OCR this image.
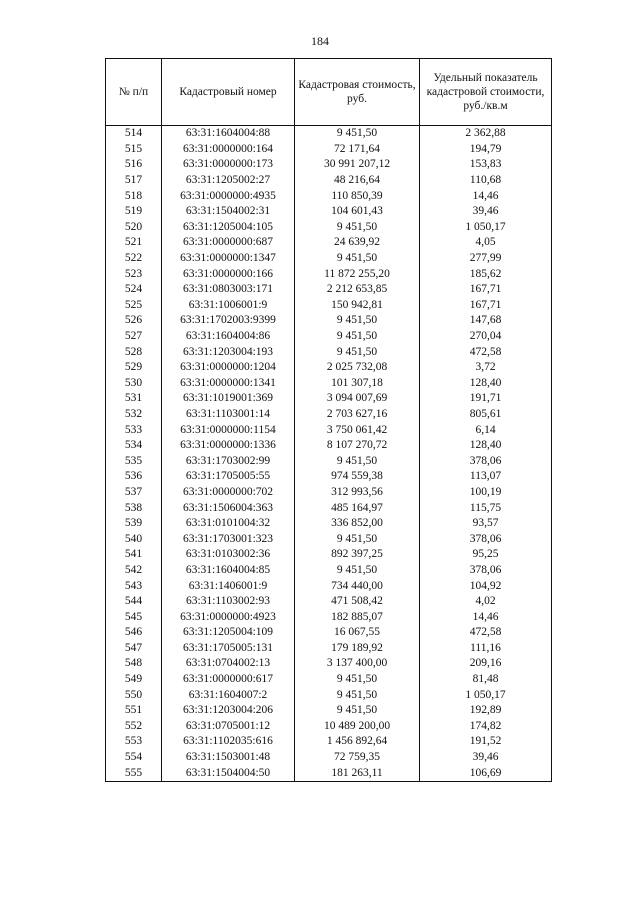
184
№ п/п	Кадастровый номер	Кадастровая стоимость, руб.	Удельный показатель кадастровой стоимости, руб./кв.м
514	63:31:1604004:88	9 451,50	2 362,88
515	63:31:0000000:164	72 171,64	194,79
516	63:31:0000000:173	30 991 207,12	153,83
517	63:31:1205002:27	48 216,64	110,68
518	63:31:0000000:4935	110 850,39	14,46
519	63:31:1504002:31	104 601,43	39,46
520	63:31:1205004:105	9 451,50	1 050,17
521	63:31:0000000:687	24 639,92	4,05
522	63:31:0000000:1347	9 451,50	277,99
523	63:31:0000000:166	11 872 255,20	185,62
524	63:31:0803003:171	2 212 653,85	167,71
525	63:31:1006001:9	150 942,81	167,71
526	63:31:1702003:9399	9 451,50	147,68
527	63:31:1604004:86	9 451,50	270,04
528	63:31:1203004:193	9 451,50	472,58
529	63:31:0000000:1204	2 025 732,08	3,72
530	63:31:0000000:1341	101 307,18	128,40
531	63:31:1019001:369	3 094 007,69	191,71
532	63:31:1103001:14	2 703 627,16	805,61
533	63:31:0000000:1154	3 750 061,42	6,14
534	63:31:0000000:1336	8 107 270,72	128,40
535	63:31:1703002:99	9 451,50	378,06
536	63:31:1705005:55	974 559,38	113,07
537	63:31:0000000:702	312 993,56	100,19
538	63:31:1506004:363	485 164,97	115,75
539	63:31:0101004:32	336 852,00	93,57
540	63:31:1703001:323	9 451,50	378,06
541	63:31:0103002:36	892 397,25	95,25
542	63:31:1604004:85	9 451,50	378,06
543	63:31:1406001:9	734 440,00	104,92
544	63:31:1103002:93	471 508,42	4,02
545	63:31:0000000:4923	182 885,07	14,46
546	63:31:1205004:109	16 067,55	472,58
547	63:31:1705005:131	179 189,92	111,16
548	63:31:0704002:13	3 137 400,00	209,16
549	63:31:0000000:617	9 451,50	81,48
550	63:31:1604007:2	9 451,50	1 050,17
551	63:31:1203004:206	9 451,50	192,89
552	63:31:0705001:12	10 489 200,00	174,82
553	63:31:1102035:616	1 456 892,64	191,52
554	63:31:1503001:48	72 759,35	39,46
555	63:31:1504004:50	181 263,11	106,69
